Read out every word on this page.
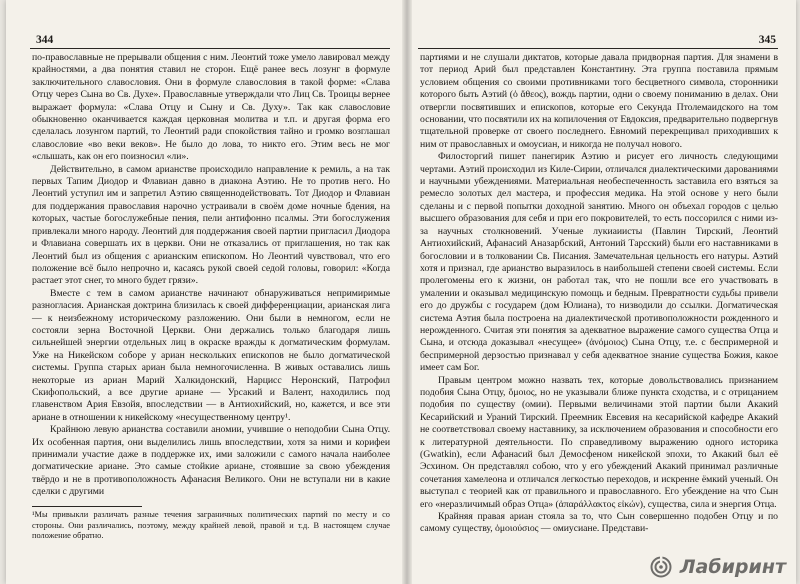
344

по-православные не прерывали общения с ним. Леонтий тоже умело лавировал между крайностями, а два понятия ставил не сторон. Ещё ранее весь лозунг в формуле заключительного славословия. Они в формуле славословия в такой форме: «Слава Отцу через Сына во Св. Духе». Православные утверждали что Лиц Св. Троицы вернее выражает формула: «Слава Отцу и Сыну и Св. Духу». Так как славословие обыкновенно оканчивается каждая церковная молитва и т.п. и другая форма его сделалась лозунгом партий, то Леонтий ради спокойствия тайно и громко возглашал славословие «во веки веков». Не было до лова, то никто его. Этим весь не мог «слышать, как он его поизносил «ли».

Действительно, в самом арианстве происходило направление к ремиль, а на так первых Тапим Диодор и Флавиан давно в диакона Аэтию. Не то против него. Но Леонтий уступил им и запретил Аэтию священнодействовать. Тот Диодор и Флавиан для поддержания православия нарочно устраивали в своём доме ночные бдения, на которых, частые богослужебные пения, пели антифонно псалмы. Эти богослужения привлекали много народу. Леонтий для поддержания своей партии пригласил Диодора и Флавиана совершать их в церкви. Они не отказались от приглашения, но так как Леонтий был из общения с арианским епископом. Но Леонтий чувствовал, что его положение всё было непрочно и, касаясь рукой своей седой головы, говорил: «Когда растает этот снег, то много будет грязи».

Вместе с тем в самом арианстве начинают обнаруживаться непримиримые разногласия. Арианская доктрина близилась к своей дифференциации, арианская лига — к неизбежному историческому разложению. Они были в немногом, если не состояли зерна Восточной Церкви. Они держались только благодаря лишь сильнейшей энергии отдельных лиц в окраске вражды к догматическим формулам. Уже на Никейском соборе у ариан нескольких епископов не было догматической системы. Группа старых ариан была немногочисленна. В живых оставались лишь некоторые из ариан Марий Халкидонский, Нарцисс Неронский, Патрофил Скифопольский, а все другие ариане — Урсакий и Валент, находились под главенством Ария Евзойя, впоследствии — в Антиохийский, но, кажется, и все эти ариане в отношении к никейскому «несущественному центру¹.

Крайнюю левую арианства составили аномии, учившие о неподобии Сына Отцу. Их особенная партия, они выделились лишь впоследствии, хотя за ними и корифеи принимали участие даже в поддержке их, ими заложили с самого начала наиболее догматические ариане. Это самые стойкие ариане, стоявшие за свою убеждения твёрдо и не в противоположность Афанасия Великого. Они не вступали ни в какие сделки с другими

¹Мы привыкли различать разные течения заграничных политических партий по месту и со стороны. Они различались, поэтому, между крайней левой, правой и т.д. В настоящем случае положение обратно.
345

партиями и не слушали диктатов, которые давала придворная партия. Для знамени в тот период Арий был представлен Константину. Эта группа поставила прямым условием общения со своими противниками того бесцветного символа, сторонники которого быть Аэтий (ὁ ἄθεος), вождь партии, одни о своему пониманию в делах. Они отвергли посвятивших и епископов, которые его Секунда Птолемаидского на том основании, что посвятили их на копилочения от Евдоксия, предварительно подвергнув тщательной проверке от своего последнего. Евномий перекрещивал приходивших к ним от православных и омоусиан, и никогда не получал нового.

Филосторгий пишет панегирик Аэтию и рисует его личность следующими чертами. Аэтий происходил из Киле-Сирии, отличался диалектическими дарованиями и научными убеждениями. Материальная необеспеченность заставила его взяться за ремесло золотых дел мастера, и профессия медика. На этой основе у него были сделаны и с первой попытки доходной занятию. Много он объехал городов с целью высшего образования для себя и при его покровителей, то есть поссорился с ними из-за научных столкновений. Ученые лукиаиисты (Павлин Тирский, Леонтий Антиохийский, Афанасий Аназарбский, Антоний Тарсский) были его наставниками в богословии и в толковании Св. Писания. Замечательная цельность его натуры. Аэтий хотя и признал, где арианство выразилось в наибольшей степени своей системы. Если пролегомены его к жизни, он работал так, что не пошли все его участвовать в умалении и оказывал медицинскую помощь и бедным. Превратности судьбы привели его до дружбы с государем (дом Юлиана), то низводили до ссылки. Догматическая система Аэтия была построена на диалектической противоположности рожденного и нерожденного. Считая эти понятия за адекватное выражение самого существа Отца и Сына, и отсюда доказывал «несущее» (ἀνόμοιος) Сына Отцу, т.е. с беспримерной и беспримерной дерзостью признавал у себя адекватное знание существа Божия, какое имеет сам Бог.

Правым центром можно назвать тех, которые довольствовались признанием подобия Сына Отцу, ὅμοιος, но не указывали ближе пункта сходства, и с отрицанием подобия по существу (омии). Первыми величинами этой партии были Акакий Кесарийский и Ураний Тирский. Преемник Евсевия на кесарийской кафедре Акакий не соответствовал своему наставнику, за исключением образования и способности его к литературной деятельности. По справедливому выражению одного историка (Gwatkin), если Афанасий был Демосфеном никейской эпохи, то Акакий был её Эсхином. Он представлял собою, что у его убеждений Акакий принимал различные сочетания хамелеона и отличался легкостью переходов, и искренне ёмкий ученый. Он выступал с теорией как от правильного и православного. Его убеждение на что Сын его «неразличимый образ Отца» (ἀπαράλλακτος εἰκών), существа, сила и энергия Отца.

Крайняя правая ариан стояла за то, что Сын совершенно подобен Отцу и по самому существу, ὁμοιούσιος — омиусиане. Представи-

Лабиринт
